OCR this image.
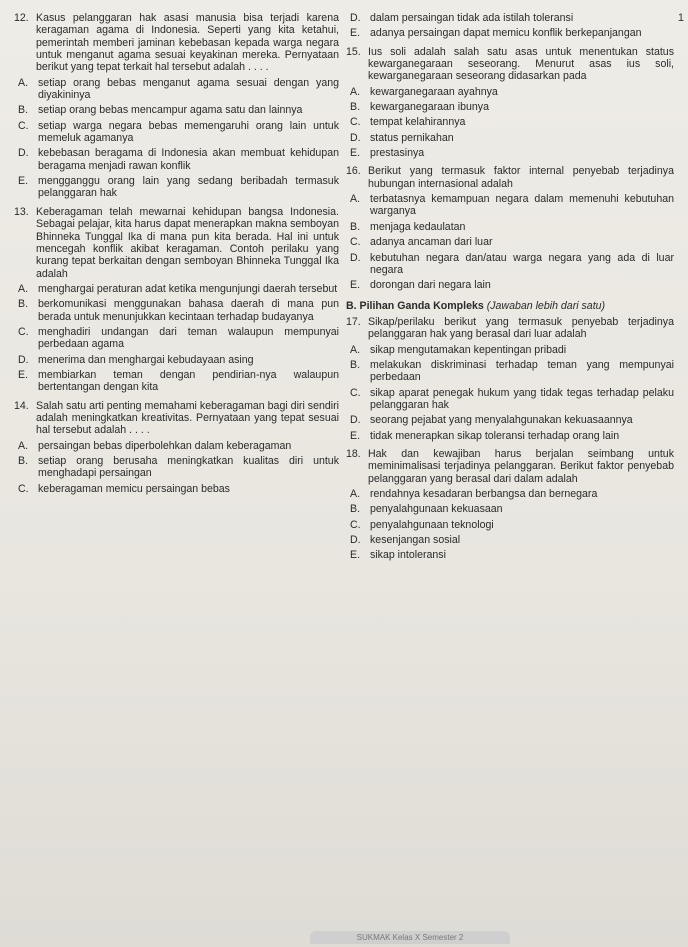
1
12. Kasus pelanggaran hak asasi manusia bisa terjadi karena keragaman agama di Indonesia. Seperti yang kita ketahui, pemerintah memberi jaminan kebebasan kepada warga negara untuk menganut agama sesuai keyakinan mereka. Pernyataan berikut yang tepat terkait hal tersebut adalah . . . .
A. setiap orang bebas menganut agama sesuai dengan yang diyakininya
B. setiap orang bebas mencampur agama satu dan lainnya
C. setiap warga negara bebas memengaruhi orang lain untuk memeluk agamanya
D. kebebasan beragama di Indonesia akan membuat kehidupan beragama menjadi rawan konflik
E. mengganggu orang lain yang sedang beribadah termasuk pelanggaran hak
13. Keberagaman telah mewarnai kehidupan bangsa Indonesia. Sebagai pelajar, kita harus dapat menerapkan makna semboyan Bhinneka Tunggal Ika di mana pun kita berada. Hal ini untuk mencegah konflik akibat keragaman. Contoh perilaku yang kurang tepat berkaitan dengan semboyan Bhinneka Tunggal Ika adalah
A. menghargai peraturan adat ketika mengunjungi daerah tersebut
B. berkomunikasi menggunakan bahasa daerah di mana pun berada untuk menunjukkan kecintaan terhadap budayanya
C. menghadiri undangan dari teman walaupun mempunyai perbedaan agama
D. menerima dan menghargai kebudayaan asing
E. membiarkan teman dengan pendirian-nya walaupun bertentangan dengan kita
14. Salah satu arti penting memahami keberagaman bagi diri sendiri adalah meningkatkan kreativitas. Pernyataan yang tepat sesuai hal tersebut adalah . . . .
A. persaingan bebas diperbolehkan dalam keberagaman
B. setiap orang berusaha meningkatkan kualitas diri untuk menghadapi persaingan
C. keberagaman memicu persaingan bebas
D. dalam persaingan tidak ada istilah toleransi
E. adanya persaingan dapat memicu konflik berkepanjangan
15. Ius soli adalah salah satu asas untuk menentukan status kewarganegaraan seseorang. Menurut asas ius soli, kewarganegaraan seseorang didasarkan pada
A. kewarganegaraan ayahnya
B. kewarganegaraan ibunya
C. tempat kelahirannya
D. status pernikahan
E. prestasinya
16. Berikut yang termasuk faktor internal penyebab terjadinya hubungan internasional adalah
A. terbatasnya kemampuan negara dalam memenuhi kebutuhan warganya
B. menjaga kedaulatan
C. adanya ancaman dari luar
D. kebutuhan negara dan/atau warga negara yang ada di luar negara
E. dorongan dari negara lain
B. Pilihan Ganda Kompleks (Jawaban lebih dari satu)
17. Sikap/perilaku berikut yang termasuk penyebab terjadinya pelanggaran hak yang berasal dari luar adalah
A. sikap mengutamakan kepentingan pribadi
B. melakukan diskriminasi terhadap teman yang mempunyai perbedaan
C. sikap aparat penegak hukum yang tidak tegas terhadap pelaku pelanggaran hak
D. seorang pejabat yang menyalahgunakan kekuasaannya
E. tidak menerapkan sikap toleransi terhadap orang lain
18. Hak dan kewajiban harus berjalan seimbang untuk meminimalisasi terjadinya pelanggaran. Berikut faktor penyebab pelanggaran yang berasal dari dalam adalah
A. rendahnya kesadaran berbangsa dan bernegara
B. penyalahgunaan kekuasaan
C. penyalahgunaan teknologi
D. kesenjangan sosial
E. sikap intoleransi
SUKMAK Kelas X Semester 2
